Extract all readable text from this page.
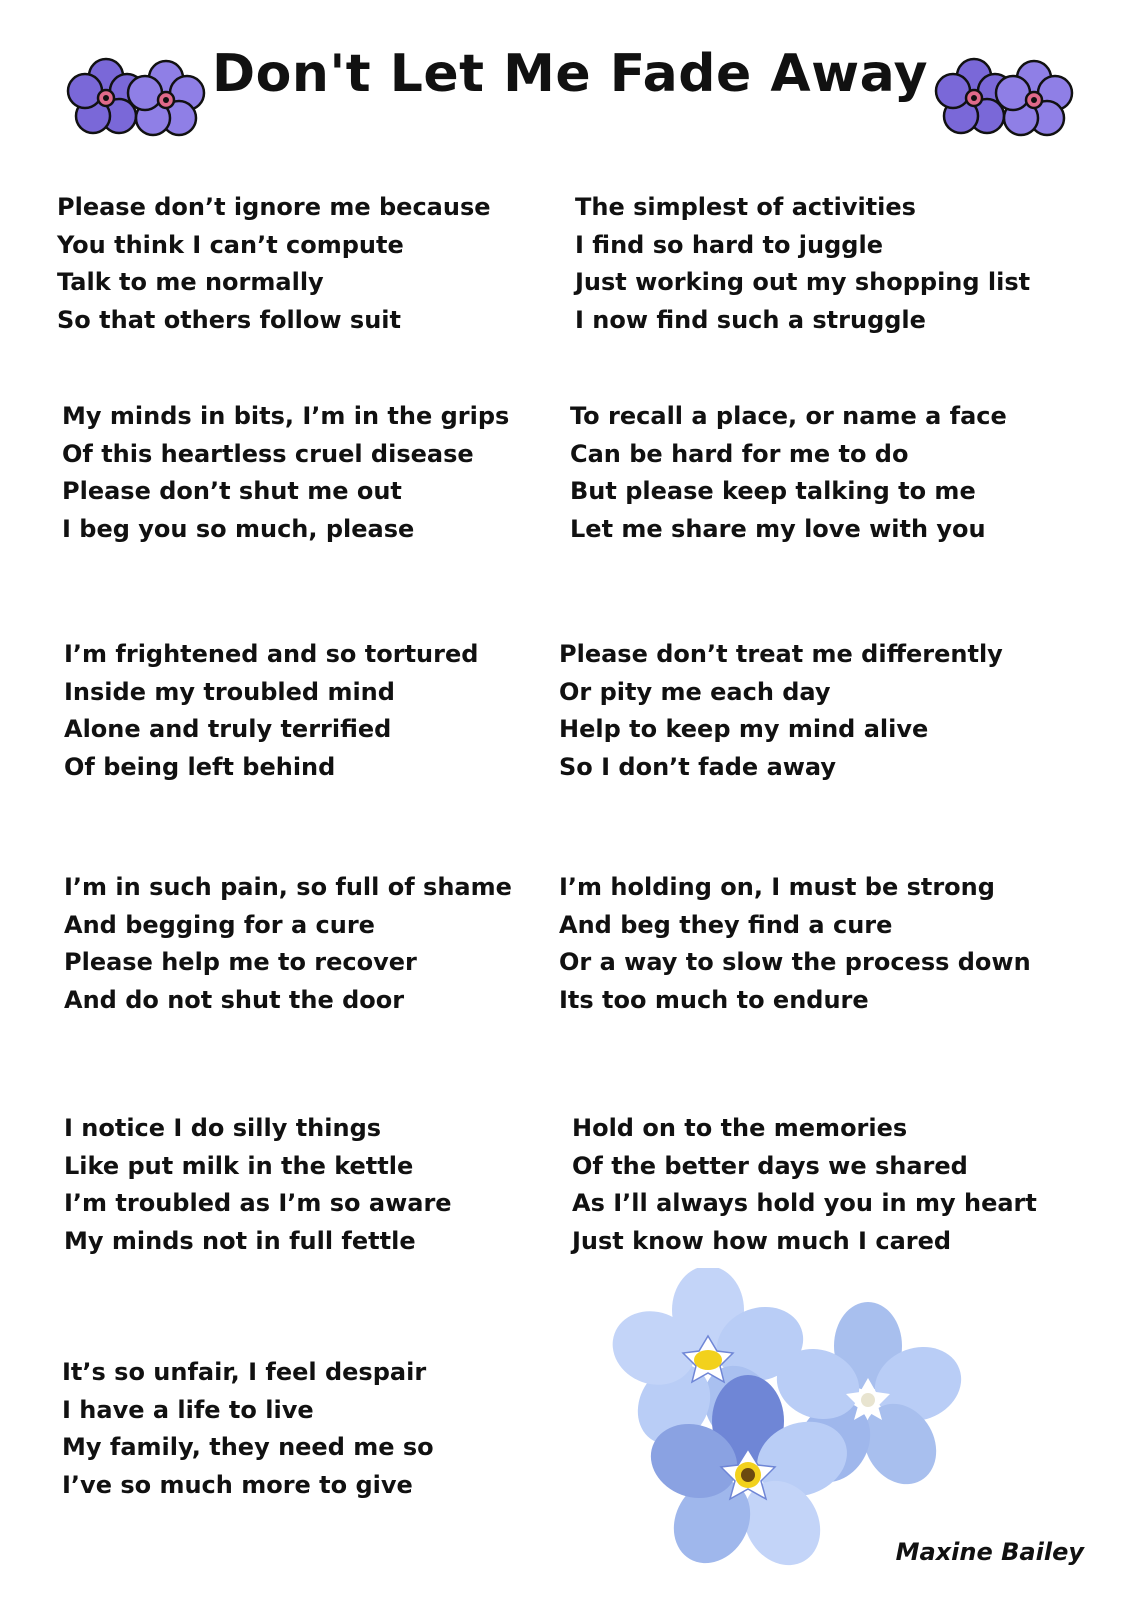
Don't Let Me Fade Away
Please don’t ignore me because
You think I can’t compute
Talk to me normally
So that others follow suit
The simplest of activities
I find so hard to juggle
Just working out my shopping list
I now find such a struggle
My minds in bits, I’m in the grips
Of this heartless cruel disease
Please don’t shut me out
I beg you so much, please
To recall a place, or name a face
Can be hard for me to do
But please keep talking to me
Let me share my love with you
I’m frightened and so tortured
Inside my troubled mind
Alone and truly terrified
Of being left behind
Please don’t treat me differently
Or pity me each day
Help to keep my mind alive
So I don’t fade away
I’m in such pain, so full of shame
And begging for a cure
Please help me to recover
And do not shut the door
I’m holding on, I must be strong
And beg they find a cure
Or a way to slow the process down
Its too much to endure
I notice I do silly things
Like put milk in the kettle
I’m troubled as I’m so aware
My minds not in full fettle
Hold on to the memories
Of the better days we shared
As I’ll always hold you in my heart
Just know how much I cared
It’s so unfair, I feel despair
I have a life to live
My family, they need me so
I’ve so much more to give
Maxine Bailey
